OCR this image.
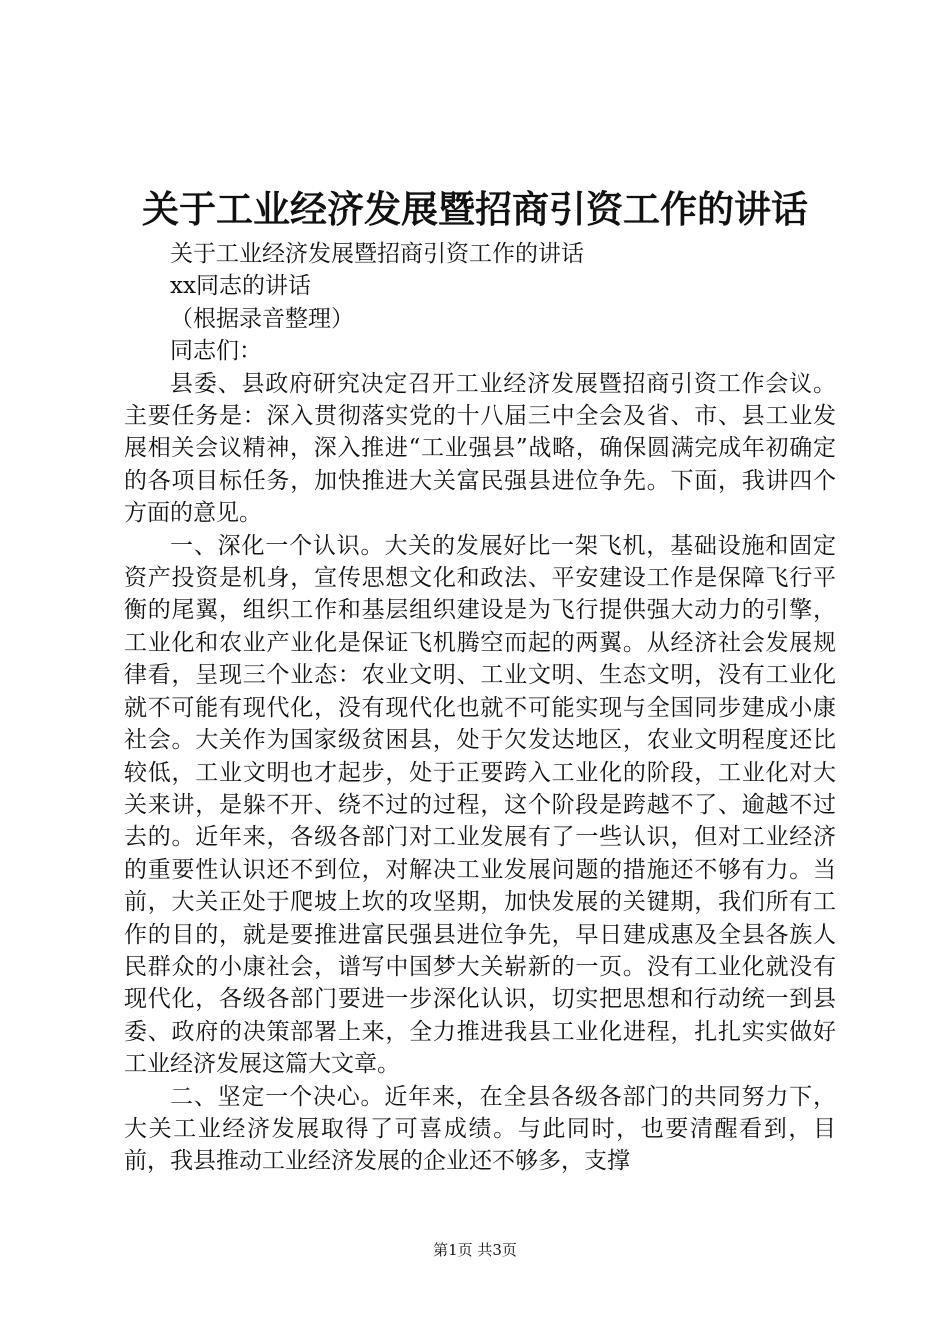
关于工业经济发展暨招商引资工作的讲话

关于工业经济发展暨招商引资工作的讲话

xx同志的讲话

（根据录音整理）

同志们：

县委、县政府研究决定召开工业经济发展暨招商引资工作会议。主要任务是：深入贯彻落实党的十八届三中全会及省、市、县工业发展相关会议精神，深入推进“工业强县”战略，确保圆满完成年初确定的各项目标任务，加快推进大关富民强县进位争先。下面，我讲四个方面的意见。

一、深化一个认识。大关的发展好比一架飞机，基础设施和固定资产投资是机身，宣传思想文化和政法、平安建设工作是保障飞行平衡的尾翼，组织工作和基层组织建设是为飞行提供强大动力的引擎，工业化和农业产业化是保证飞机腾空而起的两翼。从经济社会发展规律看，呈现三个业态：农业文明、工业文明、生态文明，没有工业化就不可能有现代化，没有现代化也就不可能实现与全国同步建成小康社会。大关作为国家级贫困县，处于欠发达地区，农业文明程度还比较低，工业文明也才起步，处于正要跨入工业化的阶段，工业化对大关来讲，是躲不开、绕不过的过程，这个阶段是跨越不了、逾越不过去的。近年来，各级各部门对工业发展有了一些认识，但对工业经济的重要性认识还不到位，对解决工业发展问题的措施还不够有力。当前，大关正处于爬坡上坎的攻坚期，加快发展的关键期，我们所有工作的目的，就是要推进富民强县进位争先，早日建成惠及全县各族人民群众的小康社会，谱写中国梦大关崭新的一页。没有工业化就没有现代化，各级各部门要进一步深化认识，切实把思想和行动统一到县委、政府的决策部署上来，全力推进我县工业化进程，扎扎实实做好工业经济发展这篇大文章。

二、坚定一个决心。近年来，在全县各级各部门的共同努力下，大关工业经济发展取得了可喜成绩。与此同时，也要清醒看到，目前，我县推动工业经济发展的企业还不够多，支撑

第1页 共3页
